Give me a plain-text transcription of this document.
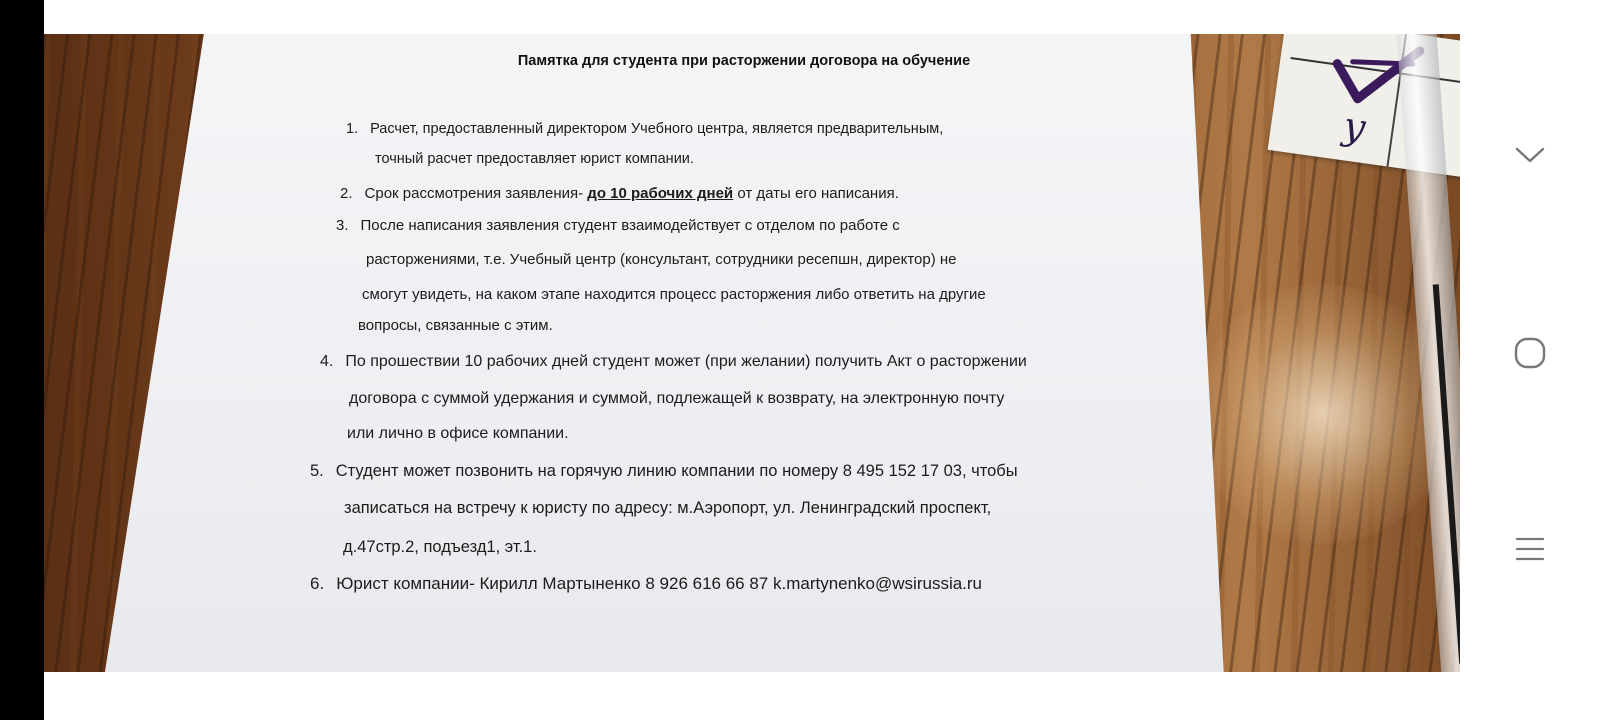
y
Памятка для студента при расторжении договора на обучение
1. Расчет, предоставленный директором Учебного центра, является предварительным,
точный расчет предоставляет юрист компании.
2. Срок рассмотрения заявления- до 10 рабочих дней от даты его написания.
3. После написания заявления студент взаимодействует с отделом по работе с
расторжениями, т.е. Учебный центр (консультант, сотрудники ресепшн, директор) не
смогут увидеть, на каком этапе находится процесс расторжения либо ответить на другие
вопросы, связанные с этим.
4. По прошествии 10 рабочих дней студент может (при желании) получить Акт о расторжении
договора с суммой удержания и суммой, подлежащей к возврату, на электронную почту
или лично в офисе компании.
5. Студент может позвонить на горячую линию компании по номеру 8 495 152 17 03, чтобы
записаться на встречу к юристу по адресу: м.Аэропорт, ул. Ленинградский проспект,
д.47стр.2, подъезд1, эт.1.
6. Юрист компании- Кирилл Мартыненко 8 926 616 66 87 k.martynenko@wsirussia.ru
